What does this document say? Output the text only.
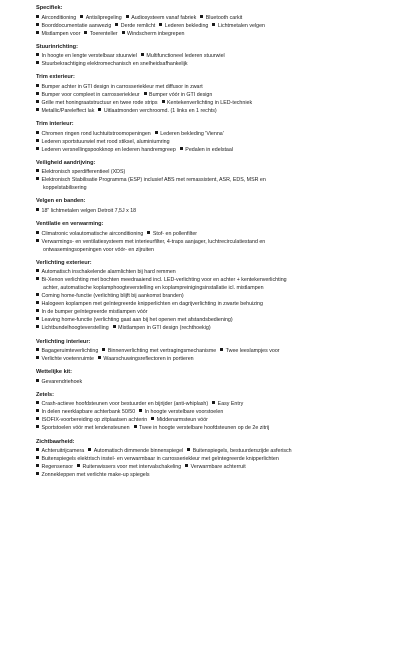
Specifiek:
Airconditioning Antislipregeling Audiosysteem vanaf fabriek Bluetooth carkit
Boorddocumentatie aanwezig Derde remlicht Lederen bekleding Lichtmetalen velgen
Mistlampen voor Toerenteller Windscherm inbegrepen
Stuurinrichting:
In hoogte en lengte verstelbaar stuurwiel Multifunctioneel lederen stuurwiel
Stuurbekrachtiging elektromechanisch en snelheidsafhankelijk
Trim exterieur:
Bumper achter in GTI design in carrosseriekleur met diffusor in zwart
Bumper voor compleet in carrosseriekleur Bumper vóór in GTI design
Grille met honingraatstructuur en twee rode strips Kentekenverlichting in LED-techniek
Metallic/Pareleffect lak Uitlaatmonden verchroomd. (1 links en 1 rechts)
Trim interieur:
Chromen ringen rond luchtuitstroomopeningen Lederen bekleding 'Vienna'
Lederen sportstuurwiel met rood stiksel, aluminiumring
Lederen versnellingspookknop en lederen handremgreep Pedalen in edelstaal
Veiligheid aandrijving:
Elektronisch sperdifferentieel (XDS)
Elektronisch Stabilisatie Programma (ESP) inclusief ABS met remassistent, ASR, EDS, MSR en
koppelstabilisering
Velgen en banden:
18" lichtmetalen velgen Detroit 7,5J x 18
Ventilatie en verwarming:
Climatronic volautomatische airconditioning Stof- en pollenfilter
Verwarmings- en ventilatiesysteem met interieurfilter, 4-traps aanjager, luchtrecirculatiestand en
ontwasemingsopeningen voor vóór- en zijruiten
Verlichting exterieur:
Automatisch inschakelende alarmlichten bij hard remmen
Bi-Xenon verlichting met bochten meedraaiend incl. LED-verlichting voor en achter + kentekenverlichting
achter, automatische koplamphoogteverstelling en koplampreinigingsinstallatie icl. mistlampen
Coming home-functie (verlichting blijft bij aankomst branden)
Halogeen koplampen met geïntegreerde knipperlichten en dagrijverlichting in zwarte behuizing
In de bumper geïntegreerde mistlampen vóór
Leaving home-functie (verlichting gaat aan bij het openen met afstandsbediening)
Lichtbundelhoogteverstelling Mistlampen in GTI design (rechthoekig)
Verlichting interieur:
Bagageruimteverlichting Binnenverlichting met vertragingsmechanisme Twee leeslampjes voor
Verlichte voetenruimte Waarschuwingsreflectoren in portieren
Wettelijke kit:
Gevarendriehoek
Zetels:
Crash-actieve hoofdsteunen voor bestuurder en bijrijder (anti-whiplash) Easy Entry
In delen neerklapbare achterbank 50/50 In hoogte verstelbare voorstoelen
ISOFIX-voorbereiding op zitplaatsen achterin Middenarmsteun vóór
Sportstoelen vóór met lendensteunen Twee in hoogte verstelbare hoofdsteunen op de 2e zitrij
Zichtbaarheid:
Achteruitrijcamera Automatisch dimmende binnenspiegel Buitenspiegels, bestuurderszijde asferisch
Buitenspiegels elektrisch instel- en verwarmbaar in carrosseriekleur met geïntegreerde knipperlichten
Regensensor Ruitenwissers voor met intervalschakeling Verwarmbare achterruit
Zonnekleppen met verlichte make-up spiegels
